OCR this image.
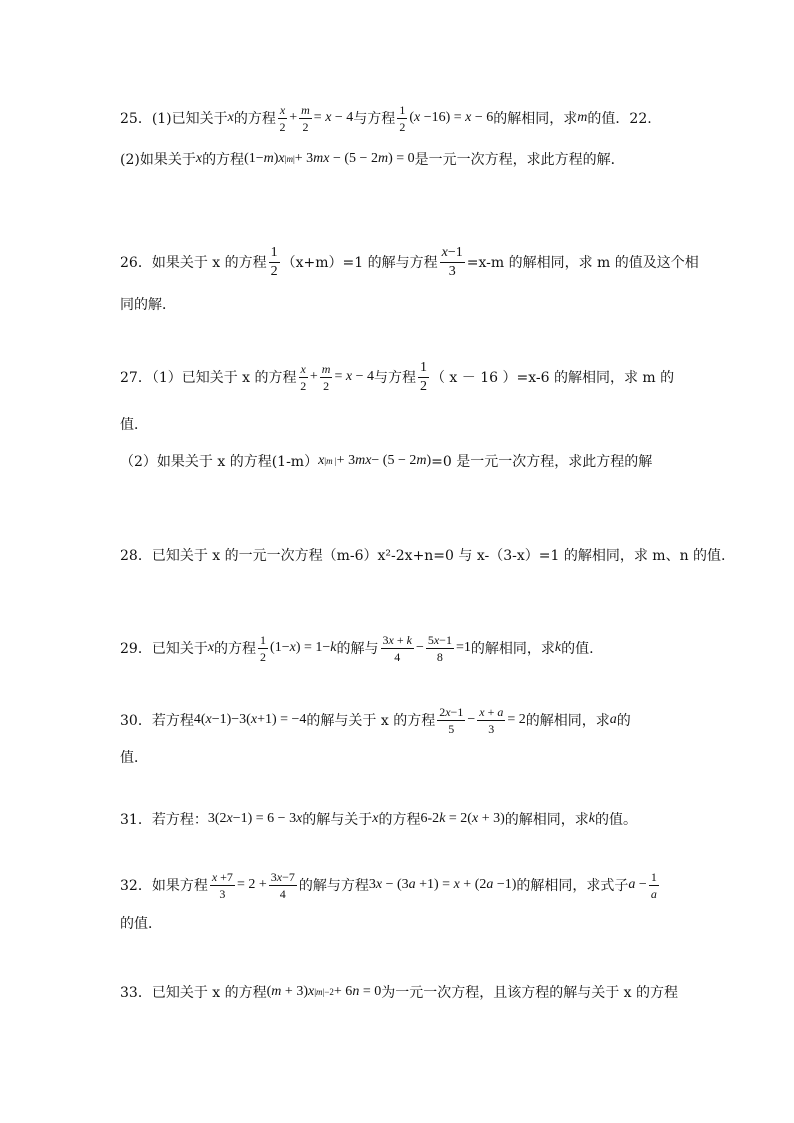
25．(1)已知关于 x 的方程 $\frac{x}{2} + \frac{m}{2} = x - 4$ 与方程 $\frac{1}{2}$ ( x −16) = x − 6 的解相同，求 m 的值．22.
(2)如果关于 x 的方程 (1− m ) x |m| + 3 mx − (5 − 2 m ) = 0 是一元一次方程，求此方程的解．
26．如果关于 x 的方程 $\frac{1}{2} (x+m)=1$ 的解与方程 $\frac{x-1}{3} =x-m$ 的解相同，求 m 的值及这个相
同的解．
27．（1）已知关于 x 的方程 $\frac{x}{2} + \frac{m}{2} = x - 4$ 与方程 $\frac{1}{2}$ （ x － 16 ）=x-6 的解相同，求 m 的
值．
（2）如果关于 x 的方程(1-m） x |m | + 3 mx − (5 − 2 m ) =0 是一元一次方程，求此方程的解
28．已知关于 x 的一元一次方程（m-6）x²-2x+n=0 与 x-（3-x）=1 的解相同，求 m、n 的值.
29．已知关于 x 的方程 $\frac{1}{2} (1- x$ ) = 1− k 的解与 $\frac{3x + k}{4} - \frac{5x-1}{8} =1$ 的解相同，求 k 的值.
30．若方程 4( x −1)−3( x +1) = −4 的解与关于 x 的方程 $\frac{2x-1}{5} - \frac{x + a}{3} = 2$ 的解相同，求 a 的
值．
31．若方程： 3(2 x −1) = 6 − 3 x 的解与关于 x 的方程 6-2 k = 2( x + 3) 的解相同，求 k 的值。
32．如果方程 $\frac{x +7}{3} = 2 + \frac{3x-7}{4}$ 的解与方程 3 x − (3 a +1) = x + (2 a −1) 的解相同，求式子 $a - \frac{1}{a}$
的值．
33．已知关于 x 的方程 ( m + 3) x |m|−2 + 6 n = 0 为一元一次方程，且该方程的解与关于 x 的方程
